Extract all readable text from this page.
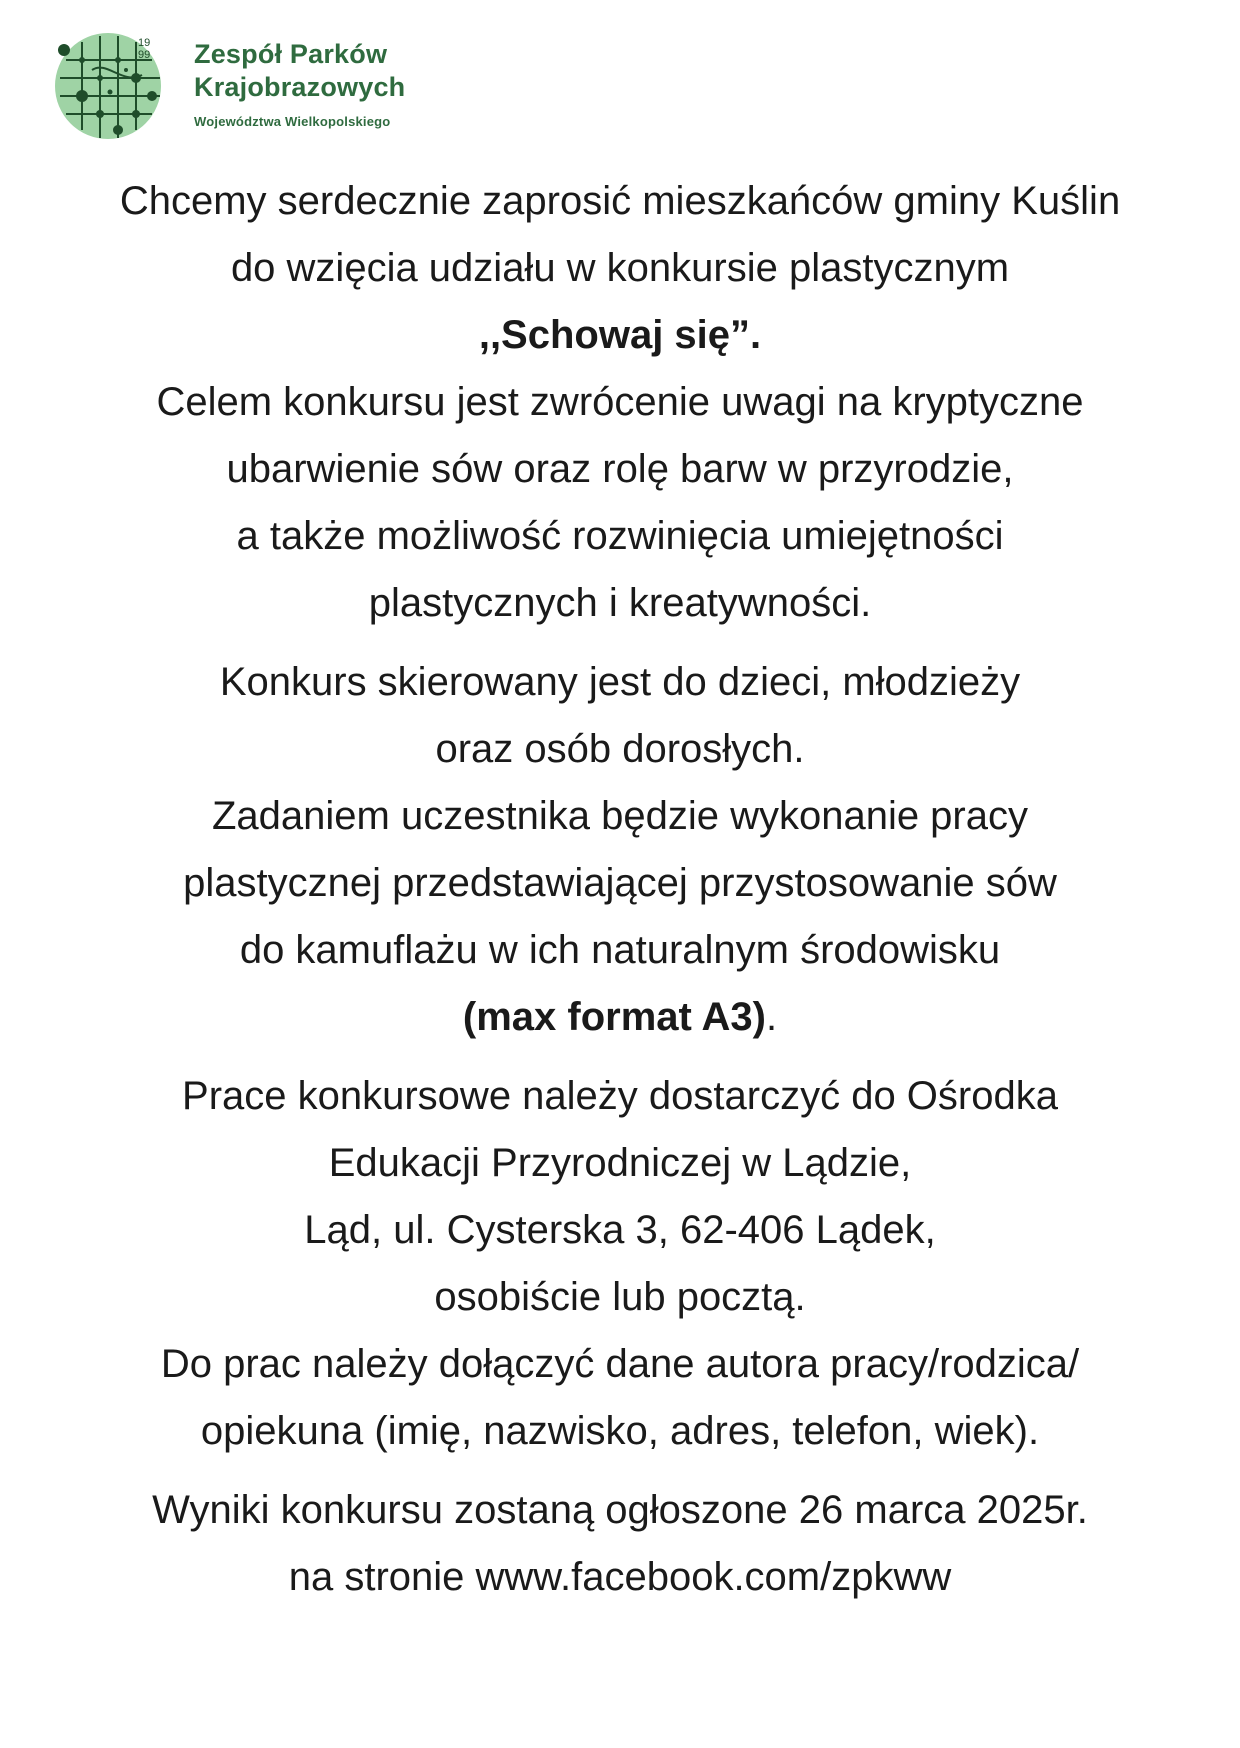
19
99 Zespół Parków
Krajobrazowych
Województwa Wielkopolskiego
Chcemy serdecznie zaprosić mieszkańców gminy Kuślin
do wzięcia udziału w konkursie plastycznym
,,Schowaj się”.
Celem konkursu jest zwrócenie uwagi na kryptyczne
ubarwienie sów oraz rolę barw w przyrodzie,
a także możliwość rozwinięcia umiejętności
plastycznych i kreatywności.
Konkurs skierowany jest do dzieci, młodzieży
oraz osób dorosłych.
Zadaniem uczestnika będzie wykonanie pracy
plastycznej przedstawiającej przystosowanie sów
do kamuflażu w ich naturalnym środowisku
(max format A3).
Prace konkursowe należy dostarczyć do Ośrodka
Edukacji Przyrodniczej w Lądzie,
Ląd, ul. Cysterska 3, 62-406 Lądek,
osobiście lub pocztą.
Do prac należy dołączyć dane autora pracy/rodzica/
opiekuna (imię, nazwisko, adres, telefon, wiek).
Wyniki konkursu zostaną ogłoszone 26 marca 2025r.
na stronie www.facebook.com/zpkww
